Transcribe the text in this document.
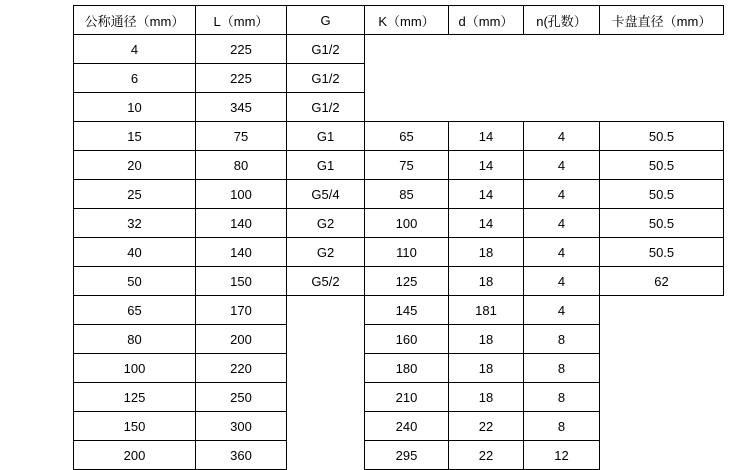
公称通径（mm）	L（mm）	G	K（mm）	d（mm）	n(孔数）	卡盘直径（mm）
4	225	G1/2				
6	225	G1/2				
10	345	G1/2				
15	75	G1	65	14	4	50.5
20	80	G1	75	14	4	50.5
25	100	G5/4	85	14	4	50.5
32	140	G2	100	14	4	50.5
40	140	G2	110	18	4	50.5
50	150	G5/2	125	18	4	62
65	170		145	181	4	
80	200		160	18	8	
100	220		180	18	8	
125	250		210	18	8	
150	300		240	22	8	
200	360		295	22	12	
